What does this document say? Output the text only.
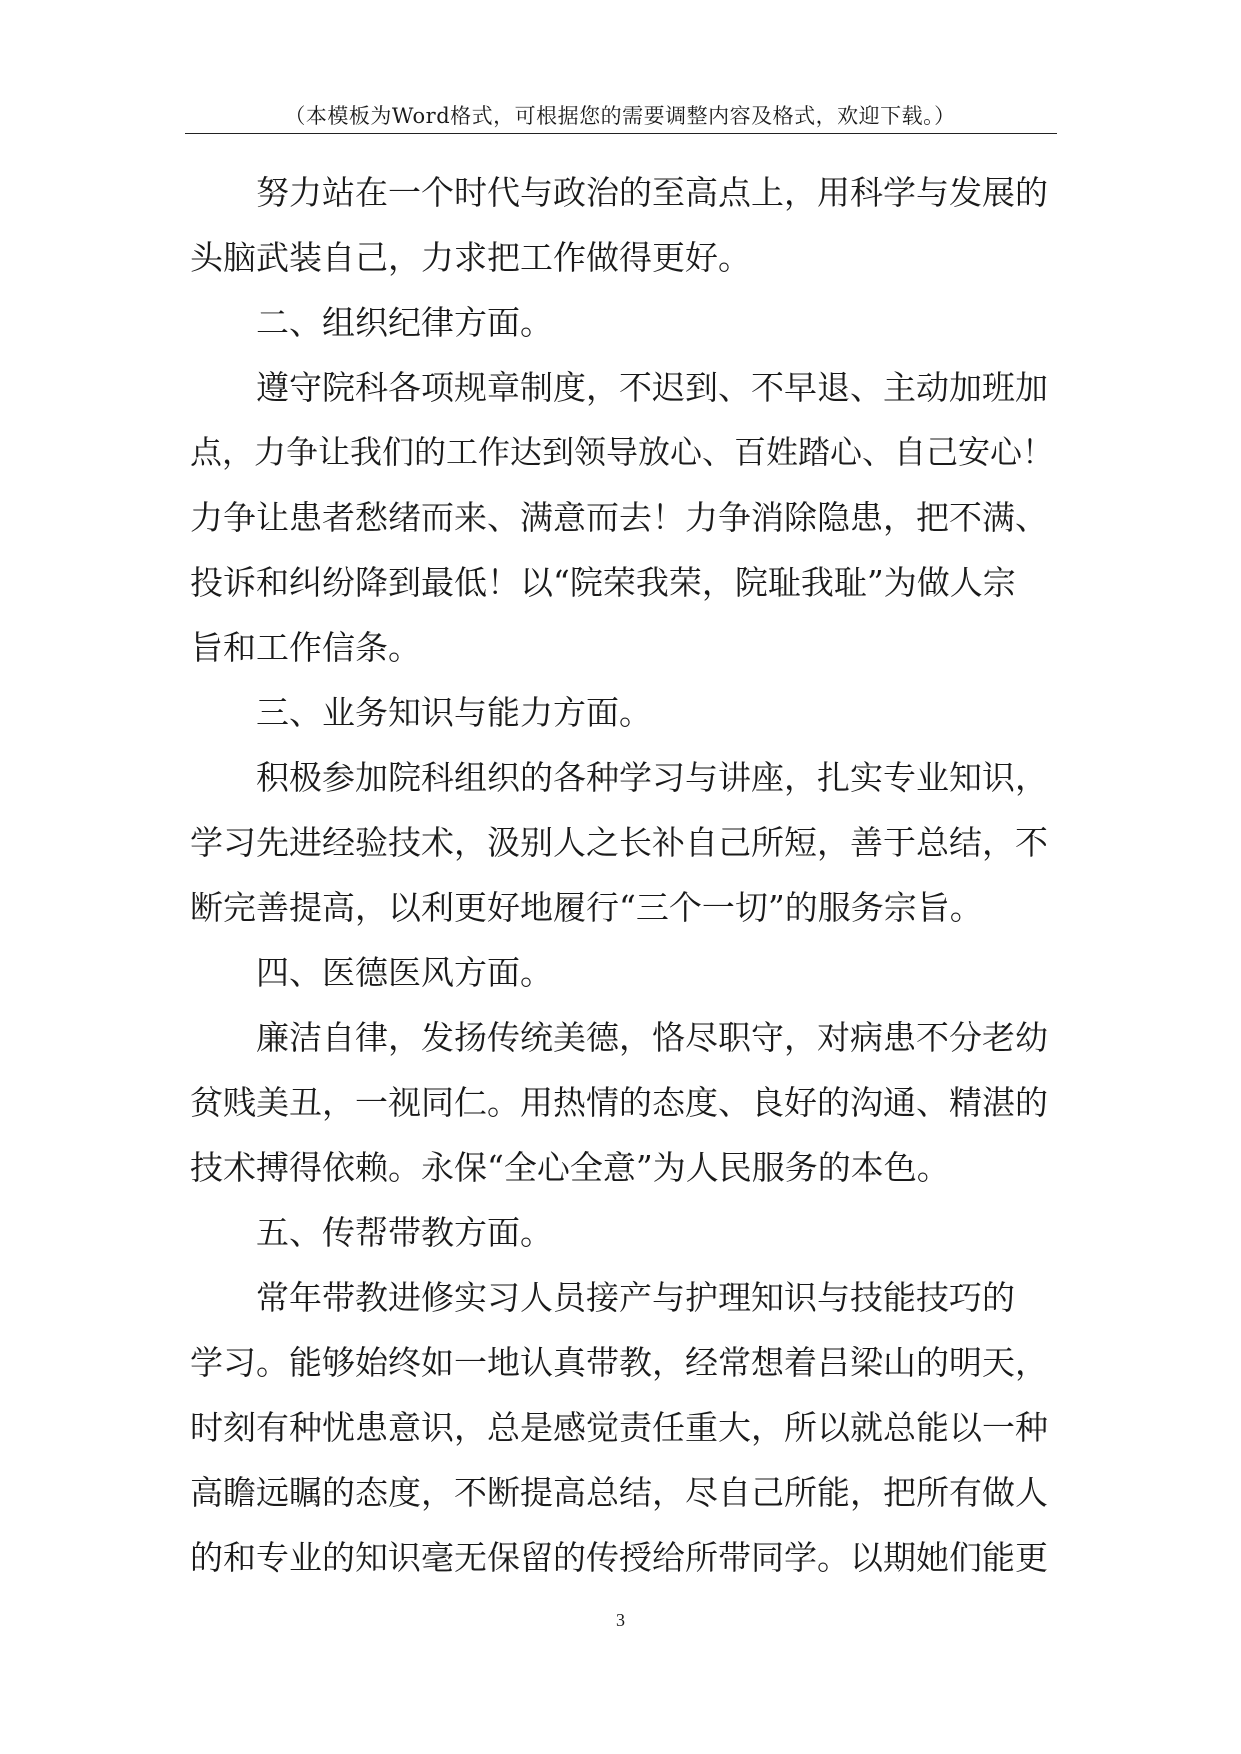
（本模板为Word格式，可根据您的需要调整内容及格式，欢迎下载。）
努力站在一个时代与政治的至高点上，用科学与发展的
头脑武装自己，力求把工作做得更好。
二、组织纪律方面。
遵守院科各项规章制度，不迟到、不早退、主动加班加
点，力争让我们的工作达到领导放心、百姓踏心、自己安心！
力争让患者愁绪而来、满意而去！力争消除隐患，把不满、
投诉和纠纷降到最低！以“院荣我荣，院耻我耻”为做人宗
旨和工作信条。
三、业务知识与能力方面。
积极参加院科组织的各种学习与讲座，扎实专业知识，
学习先进经验技术，汲别人之长补自己所短，善于总结，不
断完善提高，以利更好地履行“三个一切”的服务宗旨。
四、医德医风方面。
廉洁自律，发扬传统美德，恪尽职守，对病患不分老幼
贫贱美丑，一视同仁。用热情的态度、良好的沟通、精湛的
技术搏得依赖。永保“全心全意”为人民服务的本色。
五、传帮带教方面。
常年带教进修实习人员接产与护理知识与技能技巧的
学习。能够始终如一地认真带教，经常想着吕梁山的明天，
时刻有种忧患意识，总是感觉责任重大，所以就总能以一种
高瞻远瞩的态度，不断提高总结，尽自己所能，把所有做人
的和专业的知识毫无保留的传授给所带同学。以期她们能更
3
